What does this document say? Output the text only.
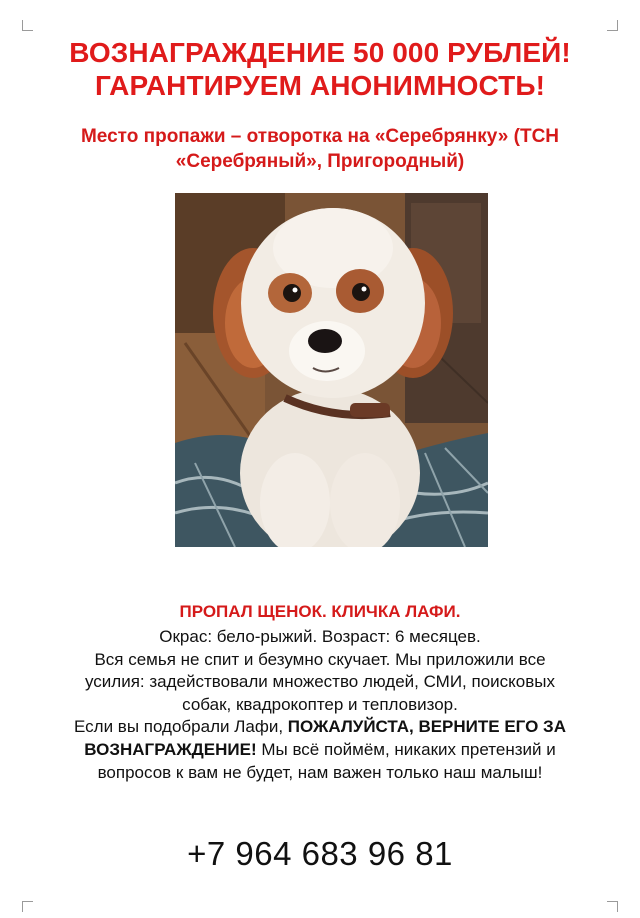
ВОЗНАГРАЖДЕНИЕ 50 000 РУБЛЕЙ!
ГАРАНТИРУЕМ АНОНИМНОСТЬ!
Место пропажи – отворотка на «Серебрянку» (ТСН
«Серебряный», Пригородный)
ПРОПАЛ ЩЕНОК. КЛИЧКА ЛАФИ.

Окрас: бело-рыжий. Возраст: 6 месяцев.

Вся семья не спит и безумно скучает. Мы приложили все

усилия: задействовали множество людей, СМИ, поисковых

собак, квадрокоптер и тепловизор.

Если вы подобрали Лафи, ПОЖАЛУЙСТА, ВЕРНИТЕ ЕГО ЗА

ВОЗНАГРАЖДЕНИЕ! Мы всё поймём, никаких претензий и

вопросов к вам не будет, нам важен только наш малыш!

+7 964 683 96 81
